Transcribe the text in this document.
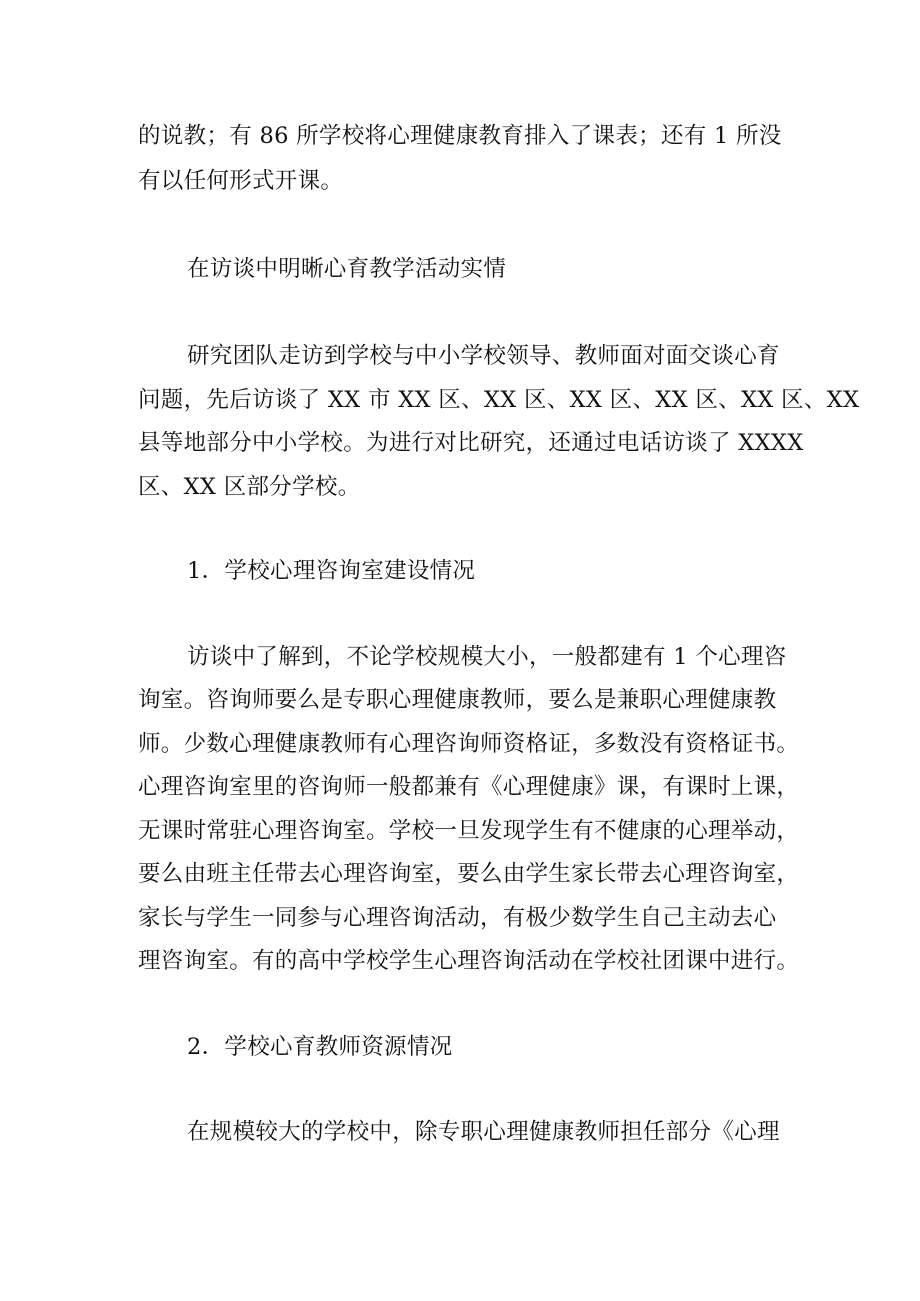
的说教；有 86 所学校将心理健康教育排入了课表；还有 1 所没
有以任何形式开课。
在访谈中明晰心育教学活动实情
研究团队走访到学校与中小学校领导、教师面对面交谈心育
问题，先后访谈了 XX 市 XX 区、XX 区、XX 区、XX 区、XX 区、XX
县等地部分中小学校。为进行对比研究，还通过电话访谈了 XXXX
区、XX 区部分学校。
1．学校心理咨询室建设情况
访谈中了解到，不论学校规模大小，一般都建有 1 个心理咨
询室。咨询师要么是专职心理健康教师，要么是兼职心理健康教
师。少数心理健康教师有心理咨询师资格证，多数没有资格证书。
心理咨询室里的咨询师一般都兼有《心理健康》课，有课时上课，
无课时常驻心理咨询室。学校一旦发现学生有不健康的心理举动，
要么由班主任带去心理咨询室，要么由学生家长带去心理咨询室，
家长与学生一同参与心理咨询活动，有极少数学生自己主动去心
理咨询室。有的高中学校学生心理咨询活动在学校社团课中进行。
2．学校心育教师资源情况
在规模较大的学校中，除专职心理健康教师担任部分《心理
